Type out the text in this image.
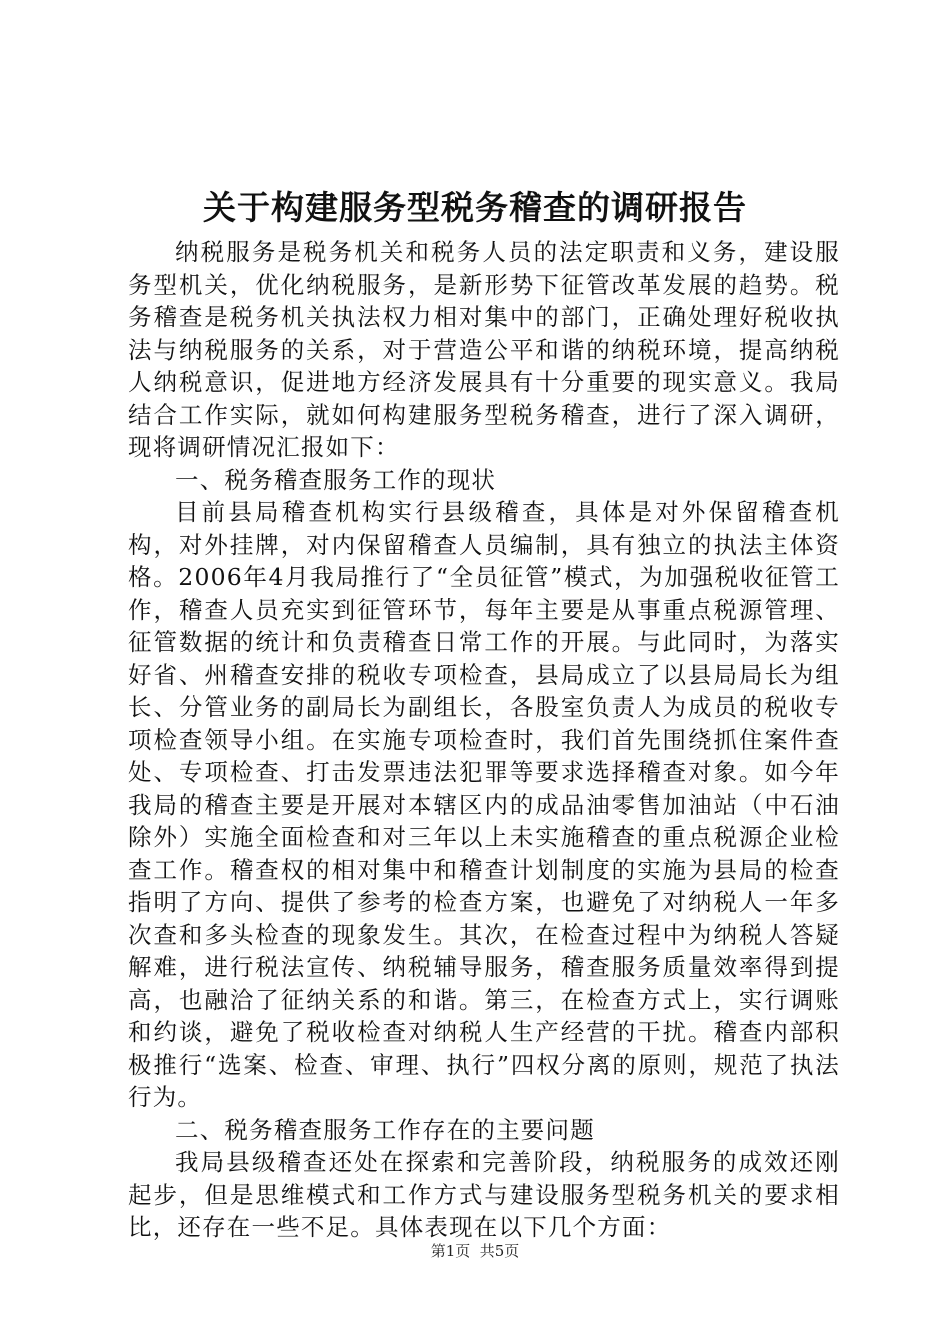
关于构建服务型税务稽查的调研报告

纳税服务是税务机关和税务人员的法定职责和义务，建设服务型机关，优化纳税服务，是新形势下征管改革发展的趋势。税务稽查是税务机关执法权力相对集中的部门，正确处理好税收执法与纳税服务的关系，对于营造公平和谐的纳税环境，提高纳税人纳税意识，促进地方经济发展具有十分重要的现实意义。我局结合工作实际，就如何构建服务型税务稽查，进行了深入调研，现将调研情况汇报如下：

一、税务稽查服务工作的现状

目前县局稽查机构实行县级稽查，具体是对外保留稽查机构，对外挂牌，对内保留稽查人员编制，具有独立的执法主体资格。2006年4月我局推行了“全员征管”模式，为加强税收征管工作，稽查人员充实到征管环节，每年主要是从事重点税源管理、征管数据的统计和负责稽查日常工作的开展。与此同时，为落实好省、州稽查安排的税收专项检查，县局成立了以县局局长为组长、分管业务的副局长为副组长，各股室负责人为成员的税收专项检查领导小组。在实施专项检查时，我们首先围绕抓住案件查处、专项检查、打击发票违法犯罪等要求选择稽查对象。如今年我局的稽查主要是开展对本辖区内的成品油零售加油站（中石油除外）实施全面检查和对三年以上未实施稽查的重点税源企业检查工作。稽查权的相对集中和稽查计划制度的实施为县局的检查指明了方向、提供了参考的检查方案，也避免了对纳税人一年多次查和多头检查的现象发生。其次，在检查过程中为纳税人答疑解难，进行税法宣传、纳税辅导服务，稽查服务质量效率得到提高，也融洽了征纳关系的和谐。第三，在检查方式上，实行调账和约谈，避免了税收检查对纳税人生产经营的干扰。稽查内部积极推行“选案、检查、审理、执行”四权分离的原则，规范了执法行为。

二、税务稽查服务工作存在的主要问题

我局县级稽查还处在探索和完善阶段，纳税服务的成效还刚起步，但是思维模式和工作方式与建设服务型税务机关的要求相比，还存在一些不足。具体表现在以下几个方面：

第1页  共5页
